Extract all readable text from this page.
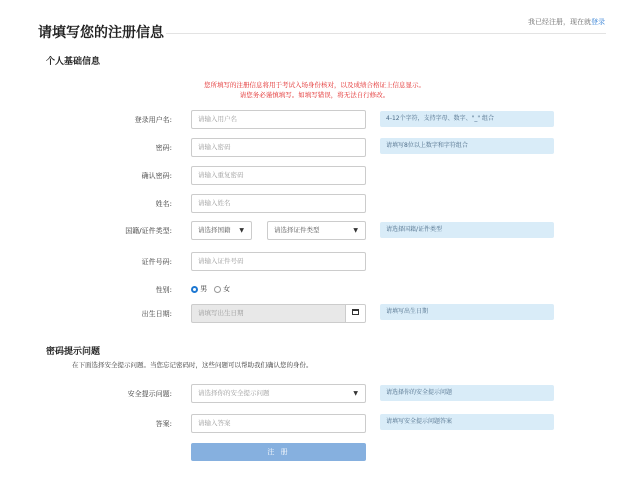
请填写您的注册信息
我已经注册，现在就登录
个人基础信息
您所填写的注册信息将用于考试入场身份核对，以及成绩合格证上信息显示。
请您务必谨慎填写。如填写错误，将无法自行修改。
登录用户名:	请输入用户名	4-12个字符，支持字母、数字、"_" 组合
密码:	请输入密码	请填写8位以上数字和字符组合
确认密码:	请输入重复密码
姓名:	请输入姓名
国籍/证件类型:	请选择国籍 ▼	请选择证件类型	▼	请选择国籍/证件类型
证件号码:	请输入证件号码
性别:	男 女
出生日期:	请填写出生日期	请填写出生日期
密码提示问题
在下面选择安全提示问题。当您忘记密码时，这些问题可以帮助我们确认您的身份。
安全提示问题:	请选择你的安全提示问题	▼	请选择你的安全提示问题
答案:	请输入答案	请填写安全提示问题答案
注 册
